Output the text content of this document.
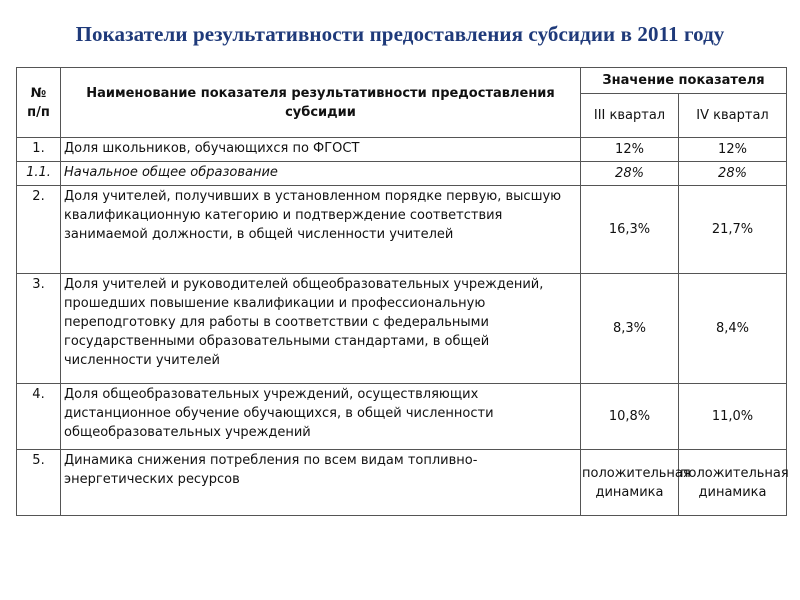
Показатели результативности предоставления субсидии в 2011 году
№
п/п	Наименование показателя результативности предоставления субсидии	Значение показателя	
		III квартал	IV квартал
1.	Доля школьников, обучающихся по ФГОСТ	12%	12%
1.1.	Начальное общее образование	28%	28%
2.	Доля учителей, получивших в установленном порядке первую, высшую квалификационную категорию и подтверждение соответствия занимаемой должности, в общей численности учителей	16,3%	21,7%
3.	Доля учителей и руководителей общеобразовательных учреждений, прошедших повышение квалификации и профессиональную переподготовку для работы в соответствии с федеральными государственными образовательными стандартами, в общей численности учителей	8,3%	8,4%
4.	Доля общеобразовательных учреждений, осуществляющих дистанционное обучение обучающихся, в общей численности общеобразовательных учреждений	10,8%	11,0%
5.	Динамика снижения потребления по всем видам топливно-энергетических ресурсов	положительная динамика	положительная динамика
